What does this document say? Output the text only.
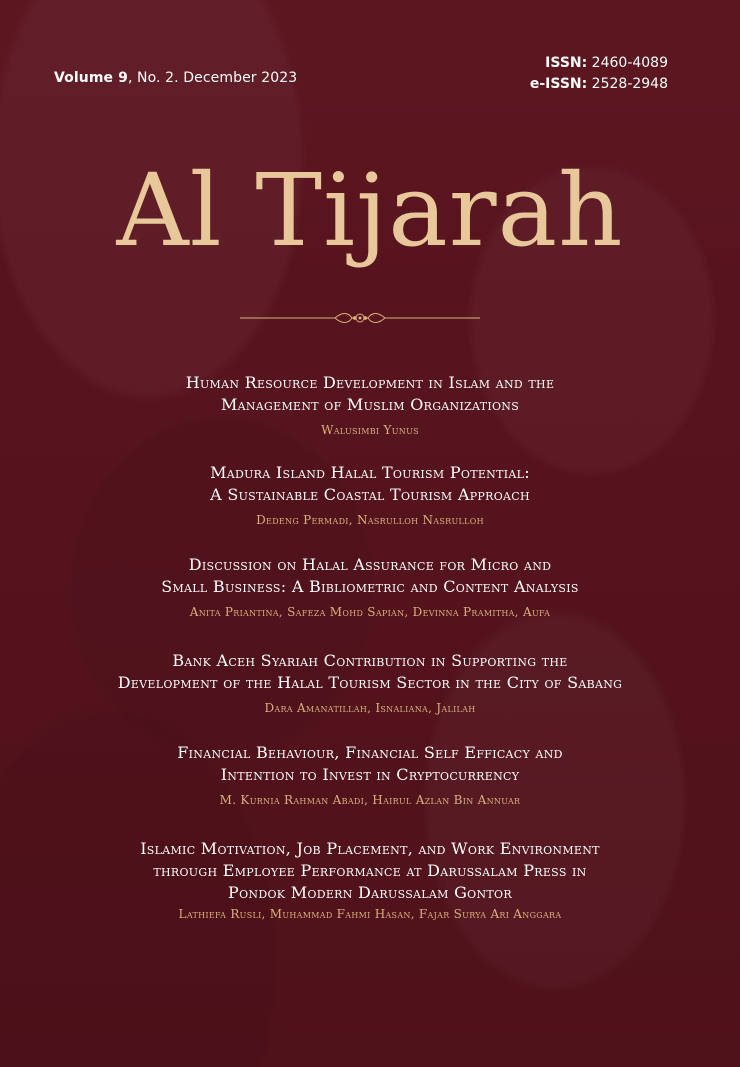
Volume 9, No. 2. December 2023
ISSN: 2460-4089
e-ISSN: 2528-2948
Al Tijarah
Human Resource Development in Islam and the
Management of Muslim Organizations
Walusimbi Yunus
Madura Island Halal Tourism Potential:
A Sustainable Coastal Tourism Approach
Dedeng Permadi, Nasrulloh Nasrulloh
Discussion on Halal Assurance for Micro and
Small Business: A Bibliometric and Content Analysis
Anita Priantina, Safeza Mohd Sapian, Devinna Pramitha, Aufa
Bank Aceh Syariah Contribution in Supporting the
Development of the Halal Tourism Sector in the City of Sabang
Dara Amanatillah, Isnaliana, Jalilah
Financial Behaviour, Financial Self Efficacy and
Intention to Invest in Cryptocurrency
M. Kurnia Rahman Abadi, Hairul Azlan Bin Annuar
Islamic Motivation, Job Placement, and Work Environment
through Employee Performance at Darussalam Press in
Pondok Modern Darussalam Gontor
Lathiefa Rusli, Muhammad Fahmi Hasan, Fajar Surya Ari Anggara
